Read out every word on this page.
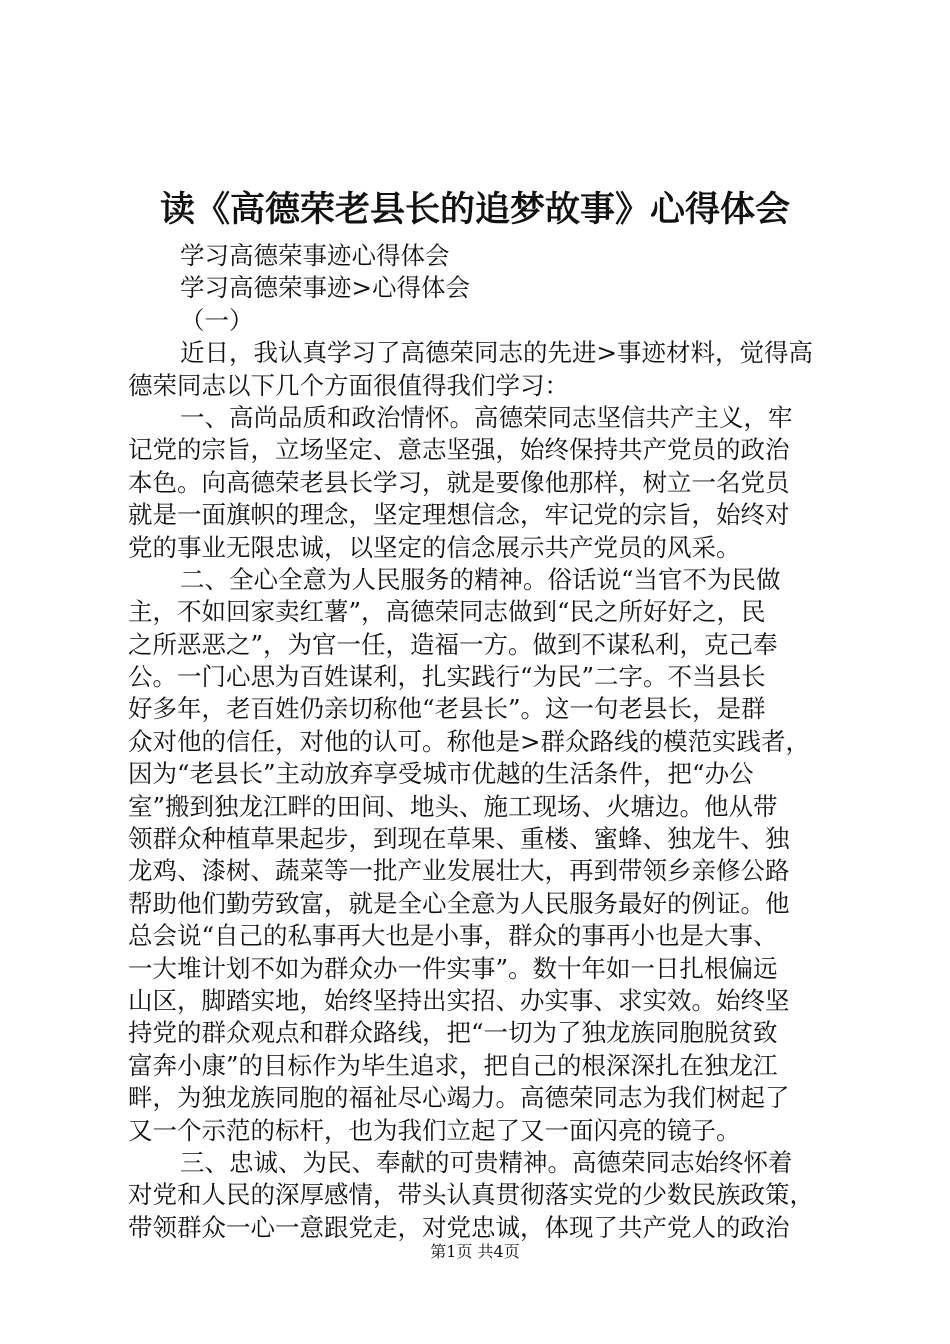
读《高德荣老县长的追梦故事》心得体会
学习高德荣事迹心得体会
学习高德荣事迹>心得体会
（一）
近日，我认真学习了高德荣同志的先进>事迹材料，觉得高
德荣同志以下几个方面很值得我们学习：
一、高尚品质和政治情怀。高德荣同志坚信共产主义，牢
记党的宗旨，立场坚定、意志坚强，始终保持共产党员的政治
本色。向高德荣老县长学习，就是要像他那样，树立一名党员
就是一面旗帜的理念，坚定理想信念，牢记党的宗旨，始终对
党的事业无限忠诚，以坚定的信念展示共产党员的风采。
二、全心全意为人民服务的精神。俗话说“当官不为民做
主，不如回家卖红薯”，高德荣同志做到“民之所好好之，民
之所恶恶之”，为官一任，造福一方。做到不谋私利，克己奉
公。一门心思为百姓谋利，扎实践行“为民”二字。不当县长
好多年，老百姓仍亲切称他“老县长”。这一句老县长，是群
众对他的信任，对他的认可。称他是>群众路线的模范实践者，
因为“老县长”主动放弃享受城市优越的生活条件，把“办公
室”搬到独龙江畔的田间、地头、施工现场、火塘边。他从带
领群众种植草果起步，到现在草果、重楼、蜜蜂、独龙牛、独
龙鸡、漆树、蔬菜等一批产业发展壮大，再到带领乡亲修公路
帮助他们勤劳致富，就是全心全意为人民服务最好的例证。他
总会说“自己的私事再大也是小事，群众的事再小也是大事、
一大堆计划不如为群众办一件实事”。数十年如一日扎根偏远
山区，脚踏实地，始终坚持出实招、办实事、求实效。始终坚
持党的群众观点和群众路线，把“一切为了独龙族同胞脱贫致
富奔小康”的目标作为毕生追求，把自己的根深深扎在独龙江
畔，为独龙族同胞的福祉尽心竭力。高德荣同志为我们树起了
又一个示范的标杆，也为我们立起了又一面闪亮的镜子。
三、忠诚、为民、奉献的可贵精神。高德荣同志始终怀着
对党和人民的深厚感情，带头认真贯彻落实党的少数民族政策，
带领群众一心一意跟党走，对党忠诚，体现了共产党人的政治
第1页 共4页
